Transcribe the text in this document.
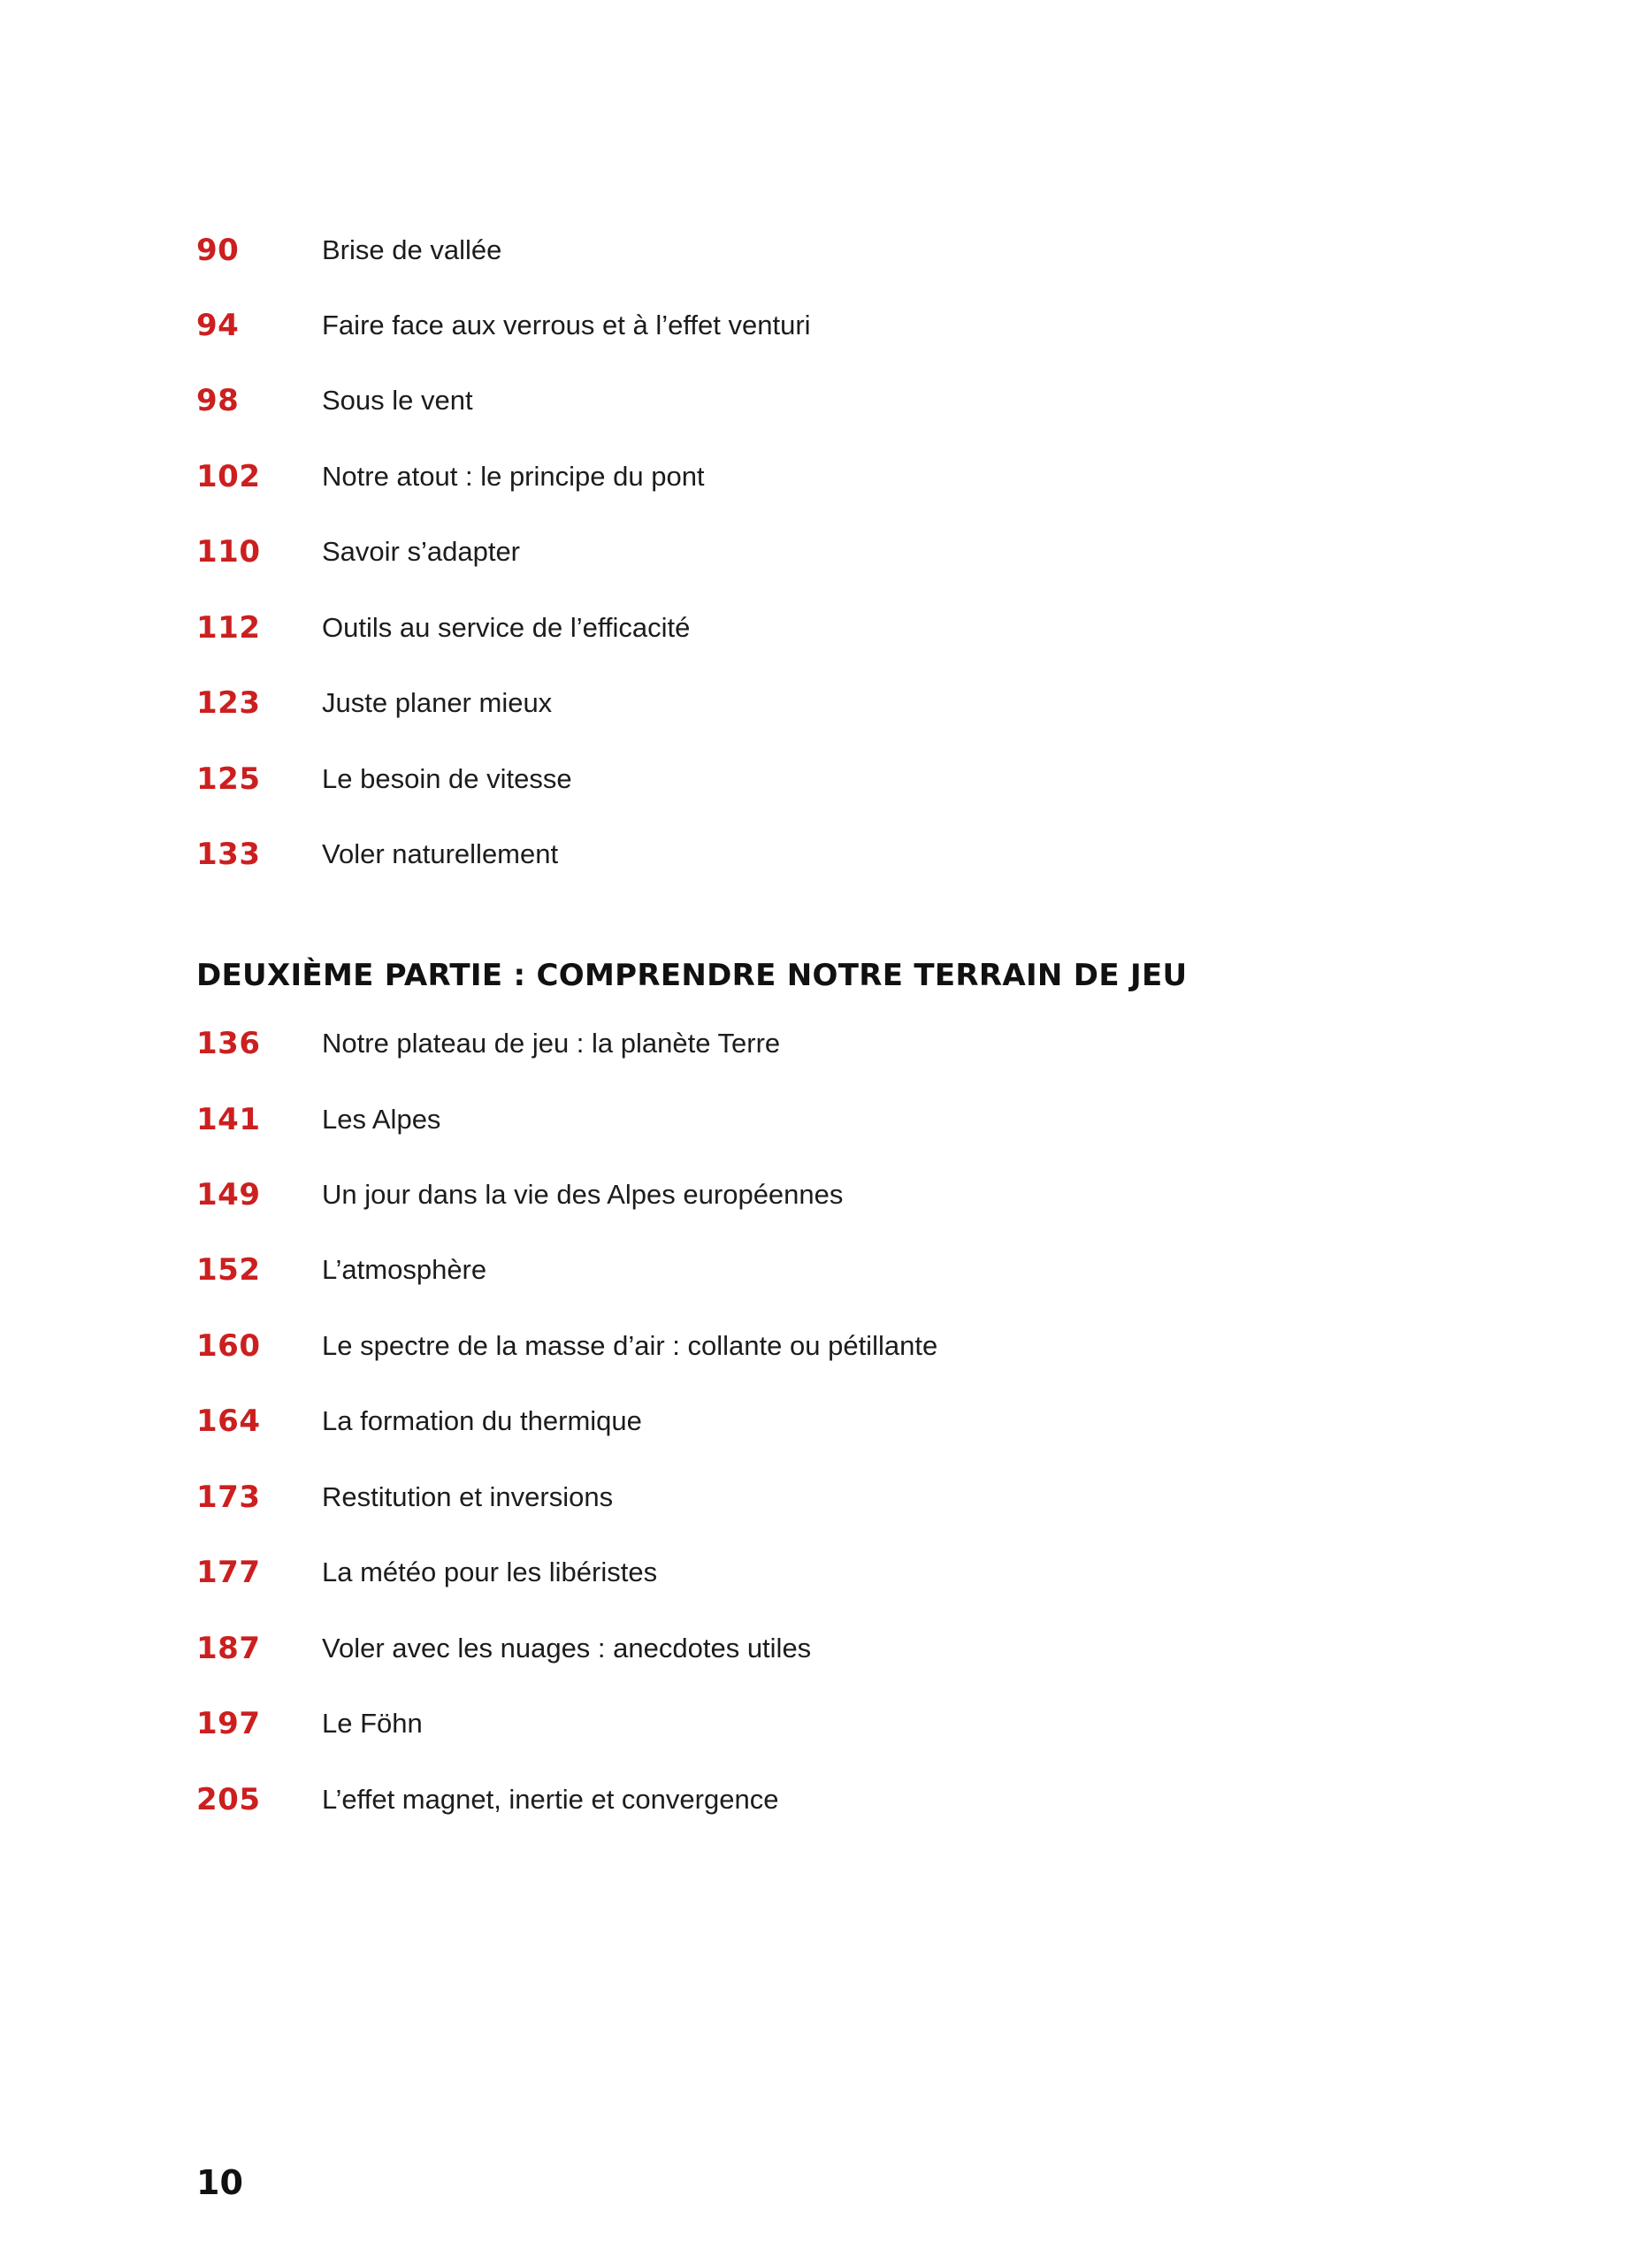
90	Brise de vallée
94	Faire face aux verrous et à l’effet venturi
98	Sous le vent
102	Notre atout : le principe du pont
110	Savoir s’adapter
112	Outils au service de l’efficacité
123	Juste planer mieux
125	Le besoin de vitesse
133	Voler naturellement
DEUXIÈME PARTIE : COMPRENDRE NOTRE TERRAIN DE JEU
136	Notre plateau de jeu : la planète Terre
141	Les Alpes
149	Un jour dans la vie des Alpes européennes
152	L’atmosphère
160	Le spectre de la masse d’air : collante ou pétillante
164	La formation du thermique
173	Restitution et inversions
177	La météo pour les libéristes
187	Voler avec les nuages : anecdotes utiles
197	Le Föhn
205	L’effet magnet, inertie et convergence
10
